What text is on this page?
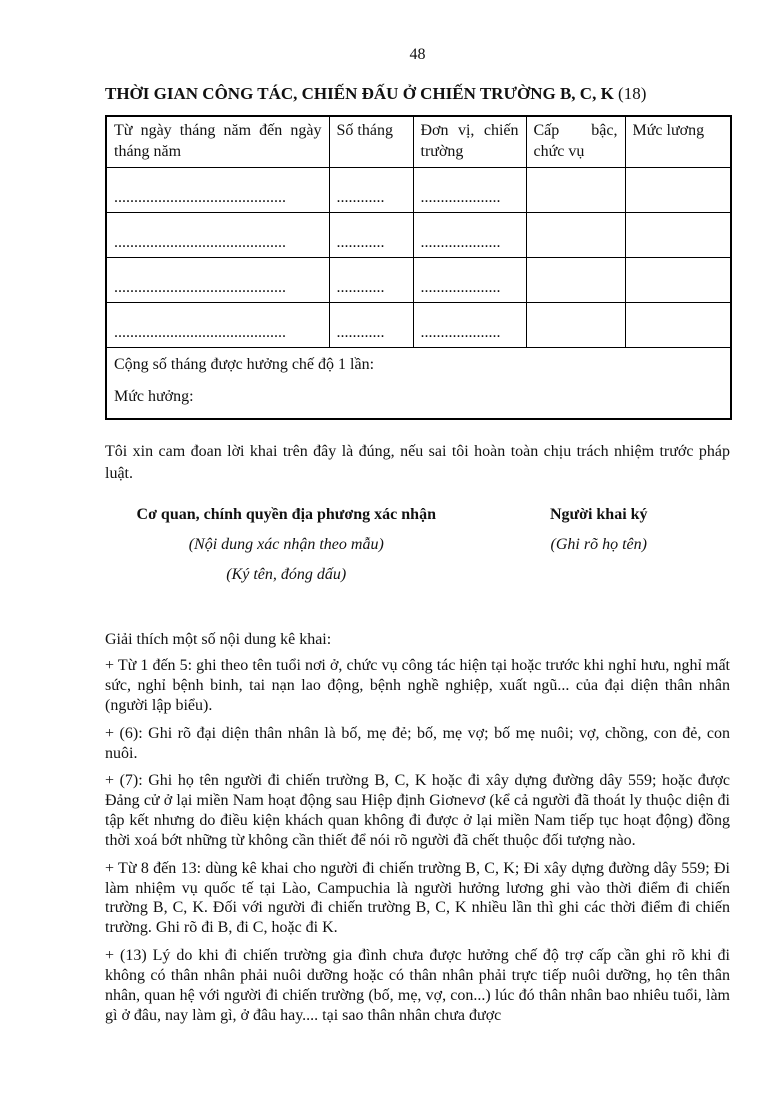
48
THỜI GIAN CÔNG TÁC, CHIẾN ĐẤU Ở CHIẾN TRƯỜNG B, C, K (18)
Từ ngày tháng năm đến ngày tháng năm	Số tháng	Đơn vị, chiến trường	Cấp bậc, chức vụ	Mức lương
...........................................	............	....................		
...........................................	............	....................		
...........................................	............	....................		
...........................................	............	....................		

Cộng số tháng được hưởng chế độ 1 lần:
Mức hưởng:				
Tôi xin cam đoan lời khai trên đây là đúng, nếu sai tôi hoàn toàn chịu trách nhiệm trước pháp luật.
Cơ quan, chính quyền địa phương xác nhận
(Nội dung xác nhận theo mẫu)
(Ký tên, đóng dấu)
Người khai ký
(Ghi rõ họ tên)

Giải thích một số nội dung kê khai:

+ Từ 1 đến 5: ghi theo tên tuổi nơi ở, chức vụ công tác hiện tại hoặc trước khi nghỉ hưu, nghỉ mất sức, nghỉ bệnh binh, tai nạn lao động, bệnh nghề nghiệp, xuất ngũ... của đại diện thân nhân (người lập biểu).

+ (6): Ghi rõ đại diện thân nhân là bố, mẹ đẻ; bố, mẹ vợ; bố mẹ nuôi; vợ, chồng, con đẻ, con nuôi.

+ (7): Ghi họ tên người đi chiến trường B, C, K hoặc đi xây dựng đường dây 559; hoặc được Đảng cử ở lại miền Nam hoạt động sau Hiệp định Giơnevơ (kể cả người đã thoát ly thuộc diện đi tập kết nhưng do điều kiện khách quan không đi được ở lại miền Nam tiếp tục hoạt động) đồng thời xoá bớt những từ không cần thiết để nói rõ người đã chết thuộc đối tượng nào.

+ Từ 8 đến 13: dùng kê khai cho người đi chiến trường B, C, K; Đi xây dựng đường dây 559; Đi làm nhiệm vụ quốc tế tại Lào, Campuchia là người hưởng lương ghi vào thời điểm đi chiến trường B, C, K. Đối với người đi chiến trường B, C, K nhiều lần thì ghi các thời điểm đi chiến trường. Ghi rõ đi B, đi C, hoặc đi K.

+ (13) Lý do khi đi chiến trường gia đình chưa được hưởng chế độ trợ cấp cần ghi rõ khi đi không có thân nhân phải nuôi dưỡng hoặc có thân nhân phải trực tiếp nuôi dưỡng, họ tên thân nhân, quan hệ với người đi chiến trường (bố, mẹ, vợ, con...) lúc đó thân nhân bao nhiêu tuổi, làm gì ở đâu, nay làm gì, ở đâu hay.... tại sao thân nhân chưa được
